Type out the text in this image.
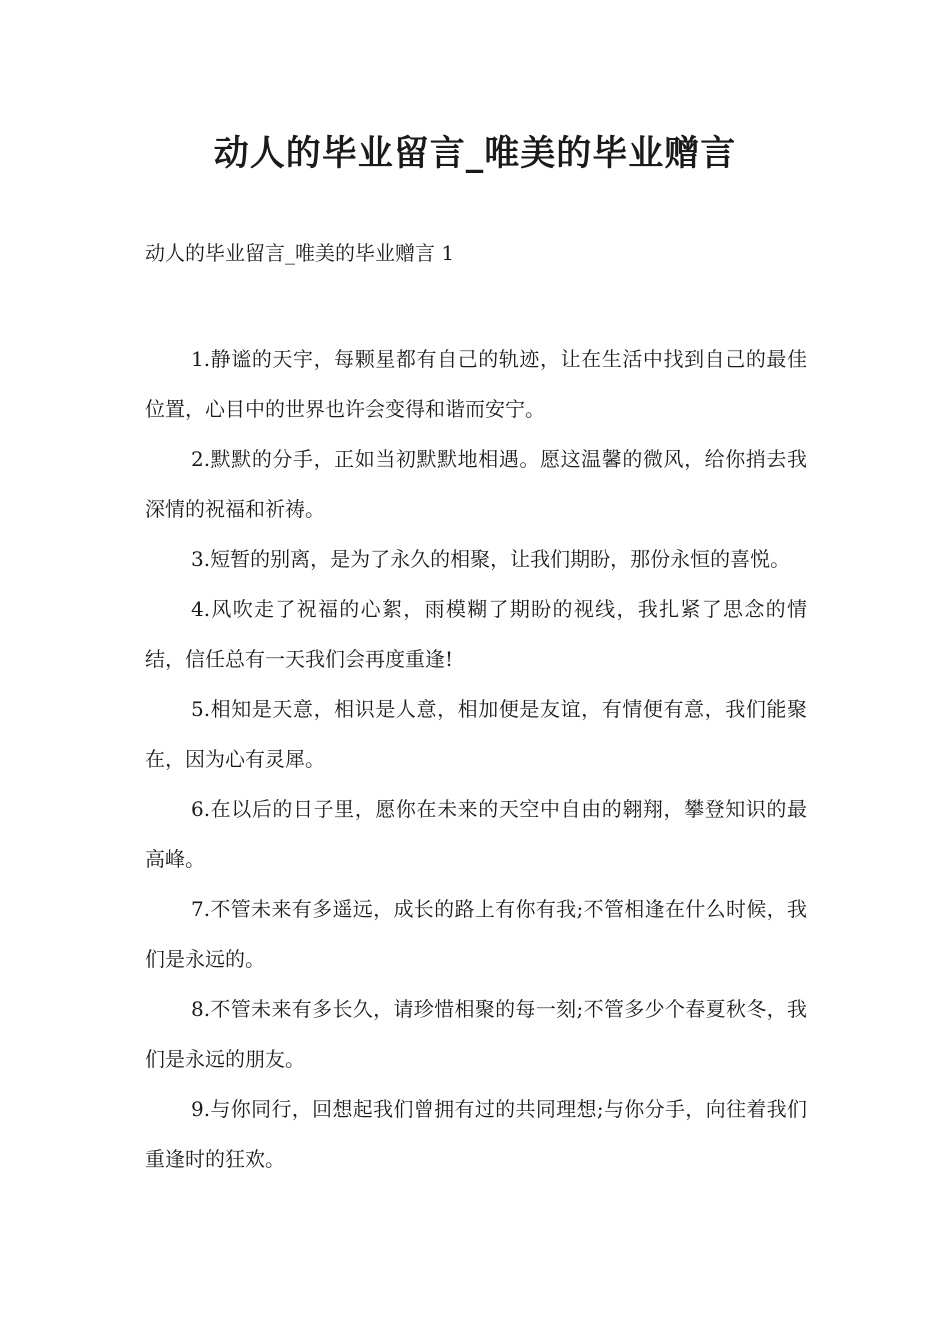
动人的毕业留言_唯美的毕业赠言

动人的毕业留言_唯美的毕业赠言 1

1.静谧的天宇，每颗星都有自己的轨迹，让在生活中找到自己的最佳位置，心目中的世界也许会变得和谐而安宁。

2.默默的分手，正如当初默默地相遇。愿这温馨的微风，给你捎去我深情的祝福和祈祷。

3.短暂的别离，是为了永久的相聚，让我们期盼，那份永恒的喜悦。

4.风吹走了祝福的心絮，雨模糊了期盼的视线，我扎紧了思念的情结，信任总有一天我们会再度重逢!

5.相知是天意，相识是人意，相加便是友谊，有情便有意，我们能聚在，因为心有灵犀。

6.在以后的日子里，愿你在未来的天空中自由的翱翔，攀登知识的最高峰。

7.不管未来有多遥远，成长的路上有你有我;不管相逢在什么时候，我们是永远的。

8.不管未来有多长久，请珍惜相聚的每一刻;不管多少个春夏秋冬，我们是永远的朋友。

9.与你同行，回想起我们曾拥有过的共同理想;与你分手，向往着我们重逢时的狂欢。
